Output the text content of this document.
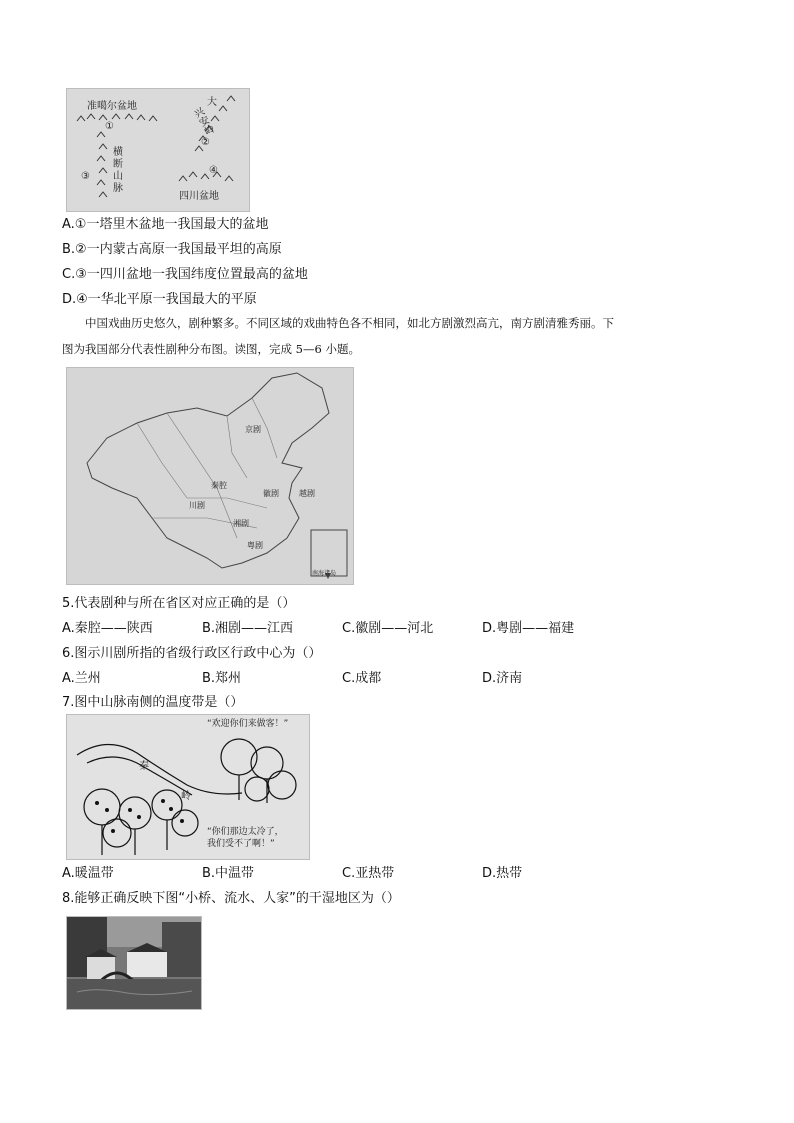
准噶尔盆地	大
兴安岭
①
②
③
④
横
断
山
脉
四川盆地
A.①一塔里木盆地一我国最大的盆地
B.②一内蒙古高原一我国最平坦的高原
C.③一四川盆地一我国纬度位置最高的盆地
D.④一华北平原一我国最大的平原

中国戏曲历史悠久，剧种繁多。不同区域的戏曲特色各不相同，如北方剧激烈高亢，南方剧清雅秀丽。下

图为我国部分代表性剧种分布图。读图，完成 5—6 小题。
京剧
秦腔
徽剧	越剧
川剧
湘剧
粤剧
南海诸岛
5.代表剧种与所在省区对应正确的是（）
A.秦腔——陕西	B.湘剧——江西	C.徽剧——河北	D.粤剧——福建
6.图示川剧所指的省级行政区行政中心为（）
A.兰州	B.郑州	C.成都	D.济南
7.图中山脉南侧的温度带是（）
“欢迎你们来做客！”
秦
岭
“你们那边太冷了，
我们受不了啊！”
A.暖温带	B.中温带	C.亚热带	D.热带
8.能够正确反映下图“小桥、流水、人家”的干湿地区为（）
